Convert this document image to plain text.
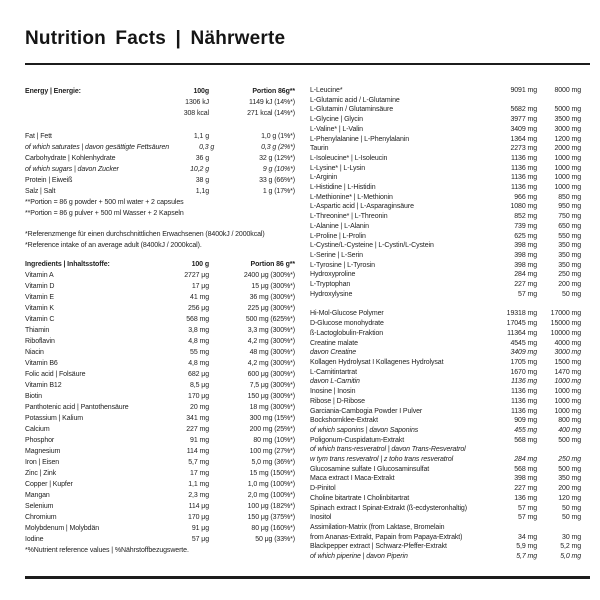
Nutrition Facts | Nährwerte
Energy | Energie:	100g	Portion 86g**
1306 kJ	1149 kJ (14%*)
308 kcal	271 kcal (14%*)
Fat | Fett	1,1 g	1,0 g (1%*)
of which saturates | davon gesättigte Fettsäuren	0,3 g	0,3 g (2%*)
Carbohydrate | Kohlenhydrate	36 g	32 g (12%*)
of which sugars | davon Zucker	10,2 g	9 g (10%*)
Protein | Eiweiß	38 g	33 g (66%*)
Salz | Salt	1,1g	1 g (17%*)
**Portion = 86 g powder + 500 ml water + 2 capsules
**Portion = 86 g pulver + 500 ml Wasser + 2 Kapseln
*Referenzmenge für einen durchschnittlichen Erwachsenen (8400kJ / 2000kcal)
*Reference intake of an average adult (8400kJ / 2000kcal).
Ingredients | Inhaltsstoffe:	100 g	Portion 86 g**
Vitamin A	2727 μg	2400 μg (300%*)
Vitamin D	17 μg	15 μg (300%*)
Vitamin E	41 mg	36 mg (300%*)
Vitamin K	256 μg	225 μg (300%*)
Vitamin C	568 mg	500 mg (625%*)
Thiamin	3,8 mg	3,3 mg (300%*)
Riboflavin	4,8 mg	4,2 mg (300%*)
Niacin	55 mg	48 mg (300%*)
Vitamin B6	4,8 mg	4,2 mg (300%*)
Folic acid | Folsäure	682 μg	600 μg (300%*)
Vitamin B12	8,5 μg	7,5 μg (300%*)
Biotin	170 μg	150 μg (300%*)
Panthotenic acid | Pantothensäure	20 mg	18 mg (300%*)
Potassium | Kalium	341 mg	300 mg (15%*)
Calcium	227 mg	200 mg (25%*)
Phosphor	91 mg	80 mg (10%*)
Magnesium	114 mg	100 mg (27%*)
Iron | Eisen	5,7 mg	5,0 mg (36%*)
Zinc | Zink	17 mg	15 mg (150%*)
Copper | Kupfer	1,1 mg	1,0 mg (100%*)
Mangan	2,3 mg	2,0 mg (100%*)
Selenium	114 μg	100 μg (182%*)
Chromium	170 μg	150 μg (375%*)
Molybdenum | Molybdän	91 μg	80 μg (160%*)
Iodine	57 μg	50 μg (33%*)
*%Nutrient reference values | %Nährstoffbezugswerte.
L-Leucine*	9091 mg	8000 mg
L-Glutamic acid / L-Glutamine
L-Glutamin / Glutaminsäure	5682 mg	5000 mg
L-Glycine | Glycin	3977 mg	3500 mg
L-Valine* | L-Valin	3409 mg	3000 mg
L-Phenylalanine | L-Phenylalanin	1364 mg	1200 mg
Taurin	2273 mg	2000 mg
L-Isoleucine* | L-Isoleucin	1136 mg	1000 mg
L-Lysine* | L-Lysin	1136 mg	1000 mg
L-Arginin	1136 mg	1000 mg
L-Histidine | L-Histidin	1136 mg	1000 mg
L-Methionine* | L-Methionin	966 mg	850 mg
L-Aspartic acid | L-Asparaginsäure	1080 mg	950 mg
L-Threonine* | L-Threonin	852 mg	750 mg
L-Alanine | L-Alanin	739 mg	650 mg
L-Proline | L-Prolin	625 mg	550 mg
L-Cystine/L-Cysteine | L-Cystin/L-Cystein	398 mg	350 mg
L-Serine | L-Serin	398 mg	350 mg
L-Tyrosine | L-Tyrosin	398 mg	350 mg
Hydroxyproline	284 mg	250 mg
L-Tryptophan	227 mg	200 mg
Hydroxylysine	57 mg	50 mg
Hi-Mol-Glucose Polymer	19318 mg	17000 mg
D-Glucose monohydrate	17045 mg	15000 mg
ß-Lactoglobulin-Fraktion	11364 mg	10000 mg
Creatine malate	4545 mg	4000 mg
davon Creatine	3409 mg	3000 mg
Kollagen Hydrolysat I Kollagenes Hydrolysat	1705 mg	1500 mg
L-Carnitintartrat	1670 mg	1470 mg
davon L-Carnitin	1136 mg	1000 mg
Inosine | Inosin	1136 mg	1000 mg
Ribose | D-Ribose	1136 mg	1000 mg
Garciania-Cambogia Powder I Pulver	1136 mg	1000 mg
Bockshornklee-Extrakt	909 mg	800 mg
of which saponins | davon Saponins	455 mg	400 mg
Poligonum-Cuspidatum-Extrakt	568 mg	500 mg
of which trans-resveratrol | davon Trans-Resveratrol
w tym trans resveratrol | z toho trans resveratrol	284 mg	250 mg
Glucosamine sulfate I Glucosaminsulfat	568 mg	500 mg
Maca extract I Maca-Extrakt	398 mg	350 mg
D-Pinitol	227 mg	200 mg
Choline bitartrate I Cholinbitartrat	136 mg	120 mg
Spinach extract I Spinat-Extrakt (ß-ecdysteronhaltig)	57 mg	50 mg
Inositol	57 mg	50 mg
Assimilation-Matrix (from Laktase, Bromelain
from Ananas-Extrakt, Papain from Papaya-Extrakt)	34 mg	30 mg
Blackpepper extract | Schwarz-Pfeffer-Extrakt	5,9 mg	5,2 mg
of which piperine | davon Piperin	5,7 mg	5,0 mg
